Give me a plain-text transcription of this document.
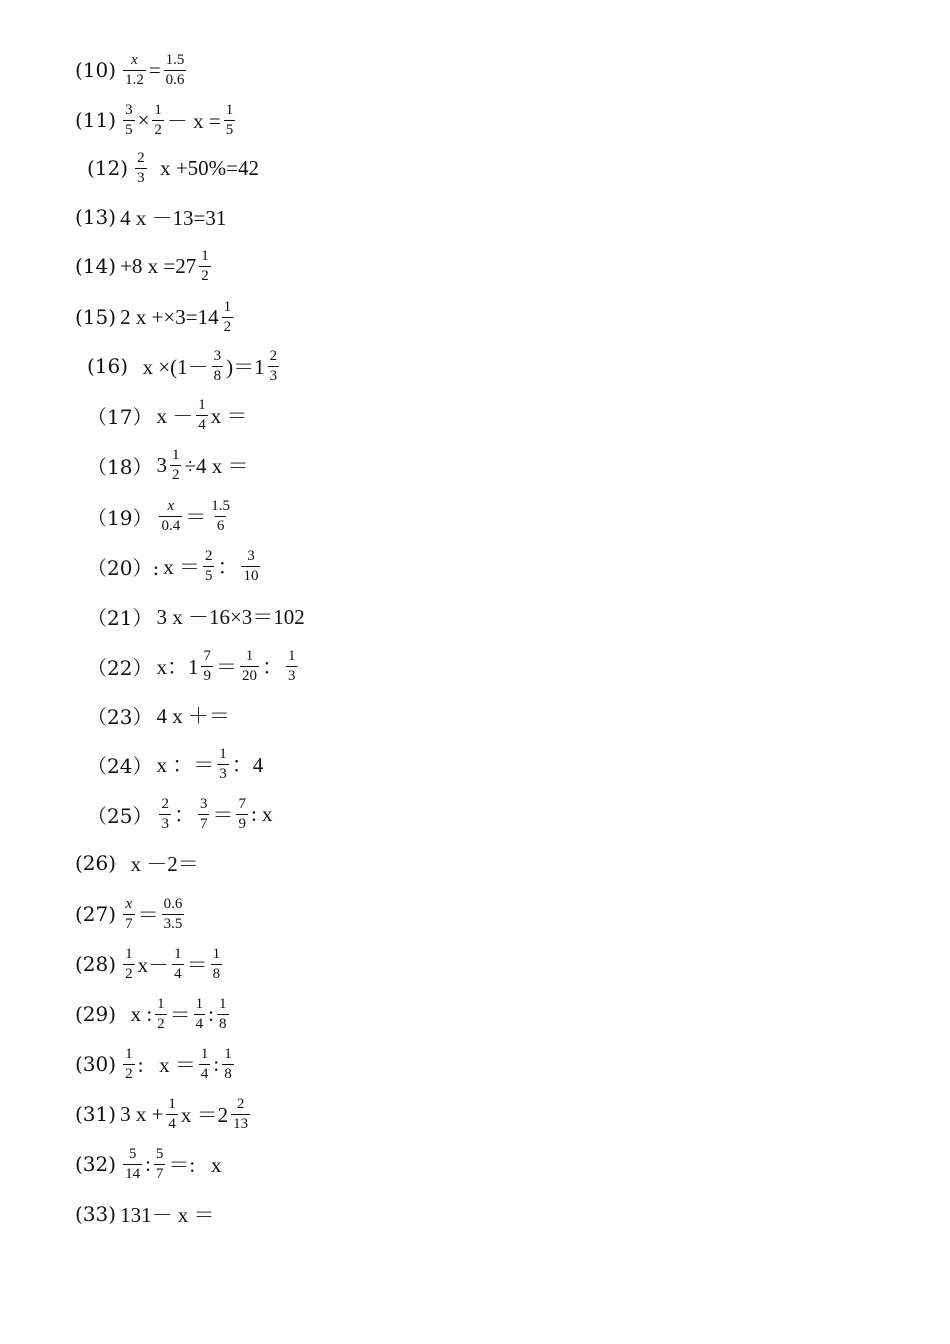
$(10) \frac{x}{1.2} = \frac{1.5}{0.6}$
$(11) \frac{3}{5} \times \frac{1}{2} - x = \frac{1}{5}$
$(12) \frac{2}{3}$ x +50%=42
(13) 4 x －13=31
(14) +8 $x =27 \frac{1}{2}$
(15) 2 $x +\times 3=14 \frac{1}{2}$
(16) $x \times(1- \frac{3}{8} )=1 \frac{2}{3}$
（17） $x - \frac{1}{4}$ x ＝
（18） $3 \frac{1}{2} \div 4$ x ＝
$(19) \frac{x}{0.4} = \frac{1.5}{6}$
（20）: $x = \frac{2}{5}$ ： $\frac{3}{10}$
（21） 3 x －16×3＝102
（22） x：$1 \frac{7}{9} = \frac{1}{20}$ ： $\frac{1}{3}$
（23） 4 x ＋＝
（24） x ：＝ $\frac{1}{3}$ ：4
$(25) \frac{2}{3}$ ： $\frac{3}{7} = \frac{7}{9}$ : x
(26) x －2＝
$(27) \frac{x}{7} = \frac{0.6}{3.5}$
$(28) \frac{1}{2} x- \frac{1}{4} = \frac{1}{8}$
(29) x : $\frac{1}{2} = \frac{1}{4}$ : $\frac{1}{8}$
$(30) \frac{1}{2}$ :   $x = \frac{1}{4}$ : $\frac{1}{8}$
(31) 3 $x + \frac{1}{4}$ $x =2 \frac{2}{13}$
$(32) \frac{5}{14}$ : $\frac{5}{7}$ ＝:   x
(33) 131－ x ＝
